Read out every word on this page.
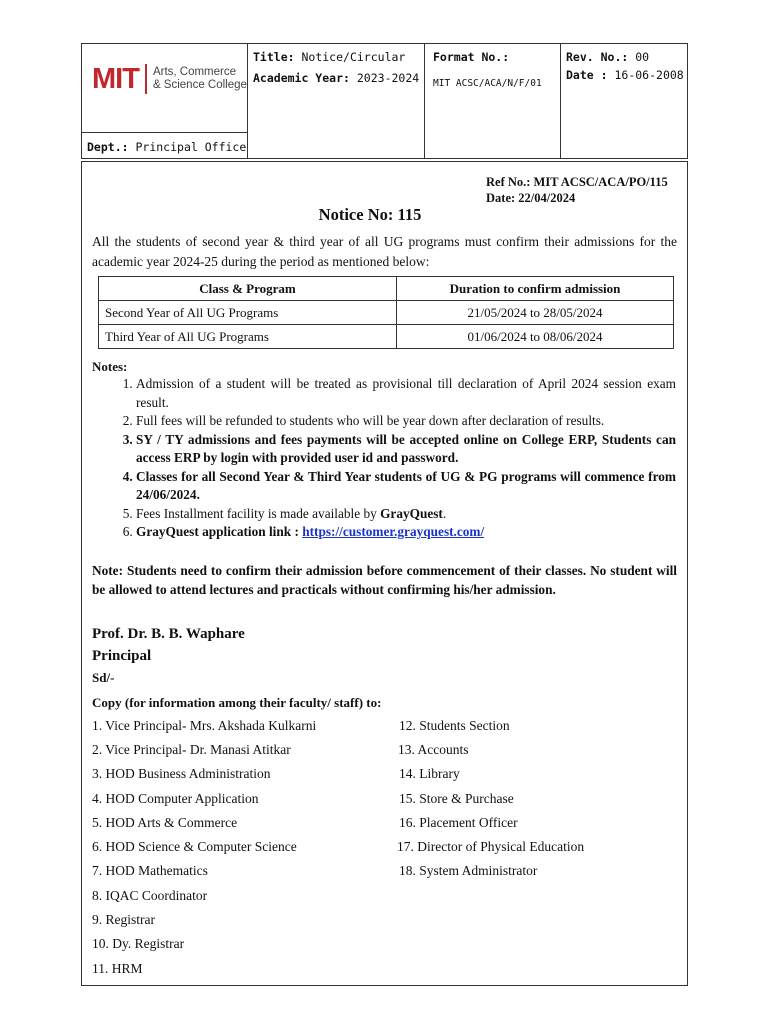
MIT Arts, Commerce
& Science College
Dept.: Principal Office
Title: Notice/Circular
Academic Year: 2023-2024
Format No.:
MIT ACSC/ACA/N/F/01
Rev. No.: 00
Date : 16-06-2008
Ref No.: MIT ACSC/ACA/PO/115
Date: 22/04/2024
Notice No: 115
All the students of second year & third year of all UG programs must confirm their admissions for the academic year 2024-25 during the period as mentioned below:
Class & Program	Duration to confirm admission
Second Year of All UG Programs	21/05/2024 to 28/05/2024
Third Year of All UG Programs	01/06/2024 to 08/06/2024
Notes:
1. Admission of a student will be treated as provisional till declaration of April 2024 session exam result.
2. Full fees will be refunded to students who will be year down after declaration of results.
3. SY / TY admissions and fees payments will be accepted online on College ERP, Students can access ERP by login with provided user id and password.
4. Classes for all Second Year & Third Year students of UG & PG programs will commence from 24/06/2024.
5. Fees Installment facility is made available by GrayQuest.
6. GrayQuest application link : https://customer.grayquest.com/
Note: Students need to confirm their admission before commencement of their classes. No student will be allowed to attend lectures and practicals without confirming his/her admission.
Prof. Dr. B. B. Waphare
Principal
Sd/-
Copy (for information among their faculty/ staff) to:
1. Vice Principal- Mrs. Akshada Kulkarni
2. Vice Principal- Dr. Manasi Atitkar
3. HOD Business Administration
4. HOD Computer Application
5. HOD Arts & Commerce
6. HOD Science & Computer Science
7. HOD Mathematics
8. IQAC Coordinator
9. Registrar
10. Dy. Registrar
11. HRM
12. Students Section
13. Accounts
14. Library
15. Store & Purchase
16. Placement Officer
17. Director of Physical Education
18. System Administrator
